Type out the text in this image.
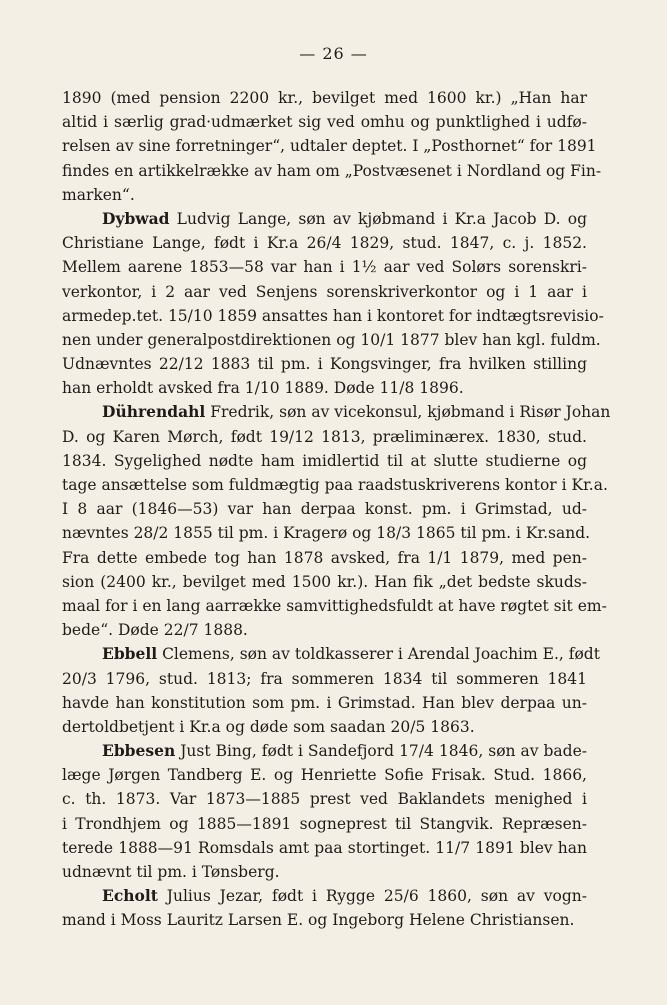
— 26 —
1890 (med pension 2200 kr., bevilget med 1600 kr.) „Han har
altid i særlig grad·udmærket sig ved omhu og punktlighed i udfø-
relsen av sine forretninger“, udtaler deptet. I „Posthornet“ for 1891
findes en artikkelrække av ham om „Postvæsenet i Nordland og Fin-
marken“.
Dybwad Ludvig Lange, søn av kjøbmand i Kr.a Jacob D. og
Christiane Lange, født i Kr.a 26/4 1829, stud. 1847, c. j. 1852.
Mellem aarene 1853—58 var han i 1½ aar ved Solørs sorenskri-
verkontor, i 2 aar ved Senjens sorenskriverkontor og i 1 aar i
armedep.tet. 15/10 1859 ansattes han i kontoret for indtægtsrevisio-
nen under generalpostdirektionen og 10/1 1877 blev han kgl. fuldm.
Udnævntes 22/12 1883 til pm. i Kongsvinger, fra hvilken stilling
han erholdt avsked fra 1/10 1889. Døde 11/8 1896.
Dührendahl Fredrik, søn av vicekonsul, kjøbmand i Risør Johan
D. og Karen Mørch, født 19/12 1813, præliminærex. 1830, stud.
1834. Sygelighed nødte ham imidlertid til at slutte studierne og
tage ansættelse som fuldmægtig paa raadstuskriverens kontor i Kr.a.
I 8 aar (1846—53) var han derpaa konst. pm. i Grimstad, ud-
nævntes 28/2 1855 til pm. i Kragerø og 18/3 1865 til pm. i Kr.sand.
Fra dette embede tog han 1878 avsked, fra 1/1 1879, med pen-
sion (2400 kr., bevilget med 1500 kr.). Han fik „det bedste skuds-
maal for i en lang aarrække samvittighedsfuldt at have røgtet sit em-
bede“. Døde 22/7 1888.
Ebbell Clemens, søn av toldkasserer i Arendal Joachim E., født
20/3 1796, stud. 1813; fra sommeren 1834 til sommeren 1841
havde han konstitution som pm. i Grimstad. Han blev derpaa un-
dertoldbetjent i Kr.a og døde som saadan 20/5 1863.
Ebbesen Just Bing, født i Sandefjord 17/4 1846, søn av bade-
læge Jørgen Tandberg E. og Henriette Sofie Frisak. Stud. 1866,
c. th. 1873. Var 1873—1885 prest ved Baklandets menighed i
i Trondhjem og 1885—1891 sogneprest til Stangvik. Repræsen-
terede 1888—91 Romsdals amt paa stortinget. 11/7 1891 blev han
udnævnt til pm. i Tønsberg.
Echolt Julius Jezar, født i Rygge 25/6 1860, søn av vogn-
mand i Moss Lauritz Larsen E. og Ingeborg Helene Christiansen.
